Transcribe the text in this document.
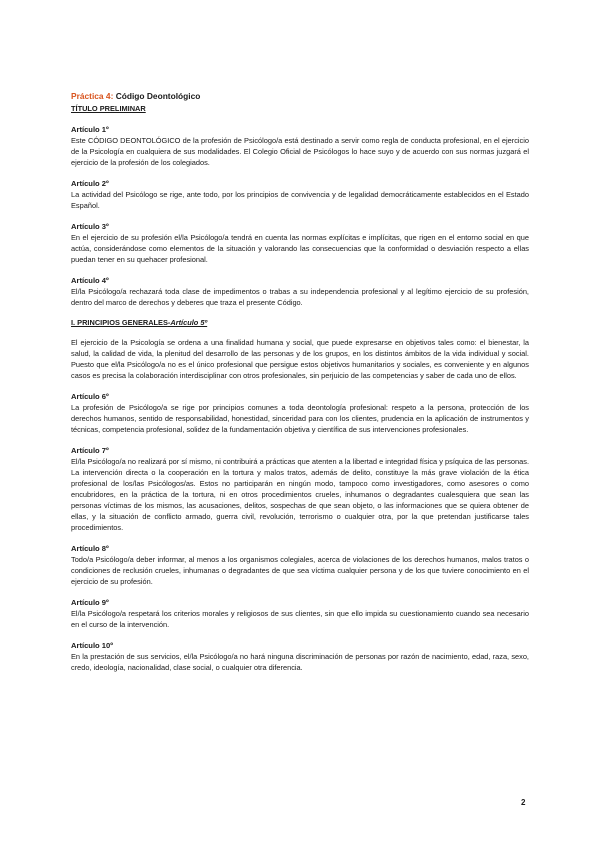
Práctica 4: Código Deontológico
TÍTULO PRELIMINAR
Artículo 1º
Este CÓDIGO DEONTOLÓGICO de la profesión de Psicólogo/a está destinado a servir como regla de conducta profesional, en el ejercicio de la Psicología en cualquiera de sus modalidades. El Colegio Oficial de Psicólogos lo hace suyo y de acuerdo con sus normas juzgará el ejercicio de la profesión de los colegiados.
Artículo 2º
La actividad del Psicólogo se rige, ante todo, por los principios de convivencia y de legalidad democráticamente establecidos en el Estado Español.
Artículo 3º
En el ejercicio de su profesión el/la Psicólogo/a tendrá en cuenta las normas explícitas e implícitas, que rigen en el entorno social en que actúa, considerándose como elementos de la situación y valorando las consecuencias que la conformidad o desviación respecto a ellas puedan tener en su quehacer profesional.
Artículo 4º
El/la Psicólogo/a rechazará toda clase de impedimentos o trabas a su independencia profesional y al legítimo ejercicio de su profesión, dentro del marco de derechos y deberes que traza el presente Código.
I. PRINCIPIOS GENERALES-Artículo 5º
El ejercicio de la Psicología se ordena a una finalidad humana y social, que puede expresarse en objetivos tales como: el bienestar, la salud, la calidad de vida, la plenitud del desarrollo de las personas y de los grupos, en los distintos ámbitos de la vida individual y social. Puesto que el/la Psicólogo/a no es el único profesional que persigue estos objetivos humanitarios y sociales, es conveniente y en algunos casos es precisa la colaboración interdisciplinar con otros profesionales, sin perjuicio de las competencias y saber de cada uno de ellos.
Artículo 6º
La profesión de Psicólogo/a se rige por principios comunes a toda deontología profesional: respeto a la persona, protección de los derechos humanos, sentido de responsabilidad, honestidad, sinceridad para con los clientes, prudencia en la aplicación de instrumentos y técnicas, competencia profesional, solidez de la fundamentación objetiva y científica de sus intervenciones profesionales.
Artículo 7º
El/la Psicólogo/a no realizará por sí mismo, ni contribuirá a prácticas que atenten a la libertad e integridad física y psíquica de las personas. La intervención directa o la cooperación en la tortura y malos tratos, además de delito, constituye la más grave violación de la ética profesional de los/las Psicólogos/as. Estos no participarán en ningún modo, tampoco como investigadores, como asesores o como encubridores, en la práctica de la tortura, ni en otros procedimientos crueles, inhumanos o degradantes cualesquiera que sean las personas víctimas de los mismos, las acusaciones, delitos, sospechas de que sean objeto, o las informaciones que se quiera obtener de ellas, y la situación de conflicto armado, guerra civil, revolución, terrorismo o cualquier otra, por la que pretendan justificarse tales procedimientos.
Artículo 8º
Todo/a Psicólogo/a deber informar, al menos a los organismos colegiales, acerca de violaciones de los derechos humanos, malos tratos o condiciones de reclusión crueles, inhumanas o degradantes de que sea víctima cualquier persona y de los que tuviere conocimiento en el ejercicio de su profesión.
Artículo 9º
El/la Psicólogo/a respetará los criterios morales y religiosos de sus clientes, sin que ello impida su cuestionamiento cuando sea necesario en el curso de la intervención.
Artículo 10º
En la prestación de sus servicios, el/la Psicólogo/a no hará ninguna discriminación de personas por razón de nacimiento, edad, raza, sexo, credo, ideología, nacionalidad, clase social, o cualquier otra diferencia.
2
